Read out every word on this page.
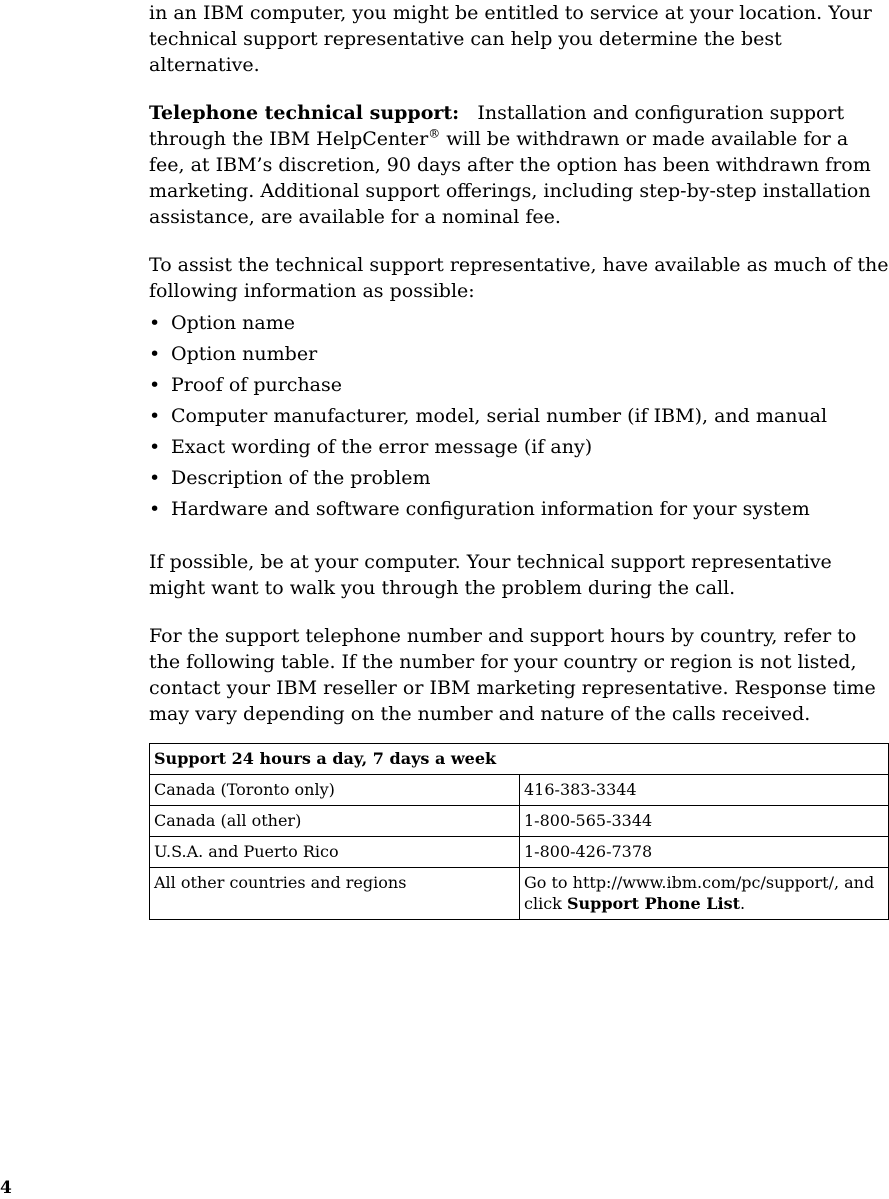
in an IBM computer, you might be entitled to service at your location. Your technical support representative can help you determine the best alternative.

Telephone technical support: Installation and configuration support through the IBM HelpCenter® will be withdrawn or made available for a fee, at IBM’s discretion, 90 days after the option has been withdrawn from marketing. Additional support offerings, including step-by-step installation assistance, are available for a nominal fee.

To assist the technical support representative, have available as much of the following information as possible:

• Option name
• Option number
• Proof of purchase
• Computer manufacturer, model, serial number (if IBM), and manual
• Exact wording of the error message (if any)
• Description of the problem
• Hardware and software configuration information for your system

If possible, be at your computer. Your technical support representative might want to walk you through the problem during the call.

For the support telephone number and support hours by country, refer to the following table. If the number for your country or region is not listed, contact your IBM reseller or IBM marketing representative. Response time may vary depending on the number and nature of the calls received.

Support 24 hours a day, 7 days a week	
Canada (Toronto only)	416-383-3344
Canada (all other)	1-800-565-3344
U.S.A. and Puerto Rico	1-800-426-7378
All other countries and regions	Go to http://www.ibm.com/pc/support/, and click Support Phone List.
4
